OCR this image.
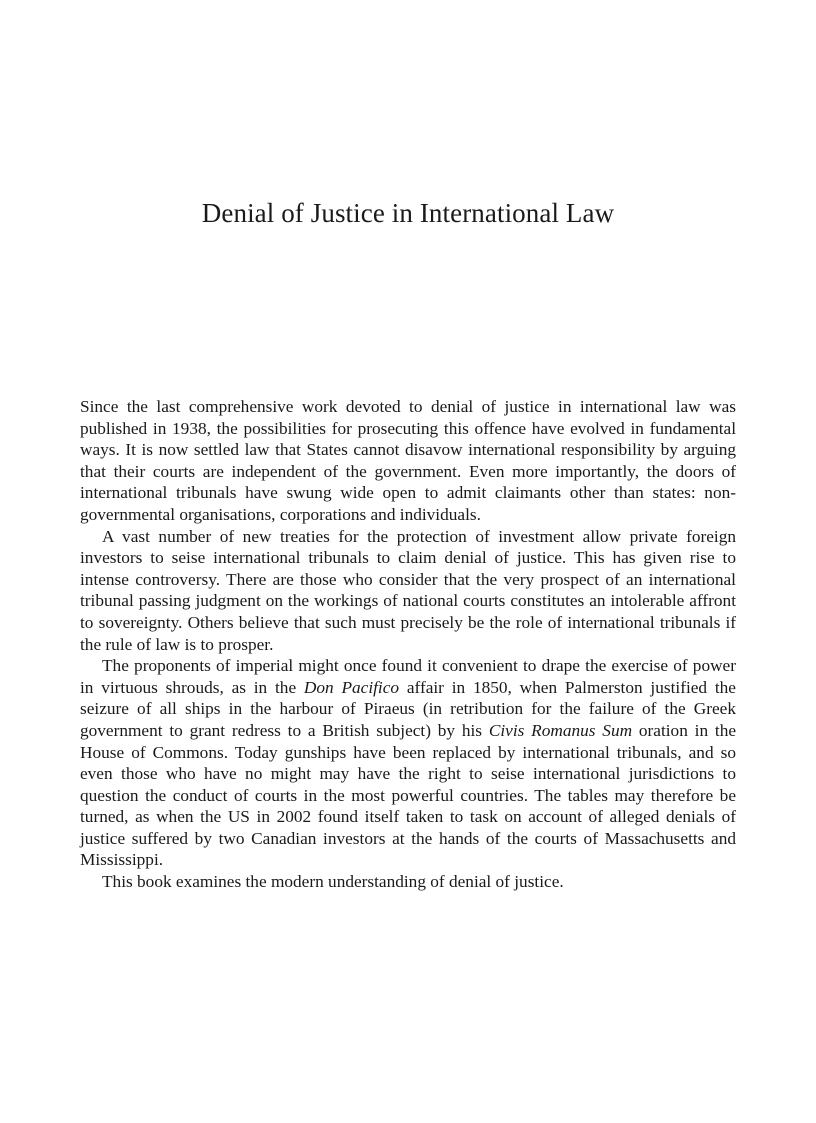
Denial of Justice in International Law

Since the last comprehensive work devoted to denial of justice in international law was published in 1938, the possibilities for prosecuting this offence have evolved in fundamental ways. It is now settled law that States cannot disavow international responsibility by arguing that their courts are independent of the government. Even more importantly, the doors of international tribunals have swung wide open to admit claimants other than states: non-governmental organisations, corporations and individuals.

A vast number of new treaties for the protection of investment allow private foreign investors to seise international tribunals to claim denial of justice. This has given rise to intense controversy. There are those who consider that the very prospect of an international tribunal passing judgment on the workings of national courts constitutes an intolerable affront to sovereignty. Others believe that such must precisely be the role of international tribunals if the rule of law is to prosper.

The proponents of imperial might once found it convenient to drape the exercise of power in virtuous shrouds, as in the Don Pacifico affair in 1850, when Palmerston justified the seizure of all ships in the harbour of Piraeus (in retribution for the failure of the Greek government to grant redress to a British subject) by his Civis Romanus Sum oration in the House of Commons. Today gunships have been replaced by international tribunals, and so even those who have no might may have the right to seise international jurisdictions to question the conduct of courts in the most powerful countries. The tables may therefore be turned, as when the US in 2002 found itself taken to task on account of alleged denials of justice suffered by two Canadian investors at the hands of the courts of Massachusetts and Mississippi.

This book examines the modern understanding of denial of justice.
